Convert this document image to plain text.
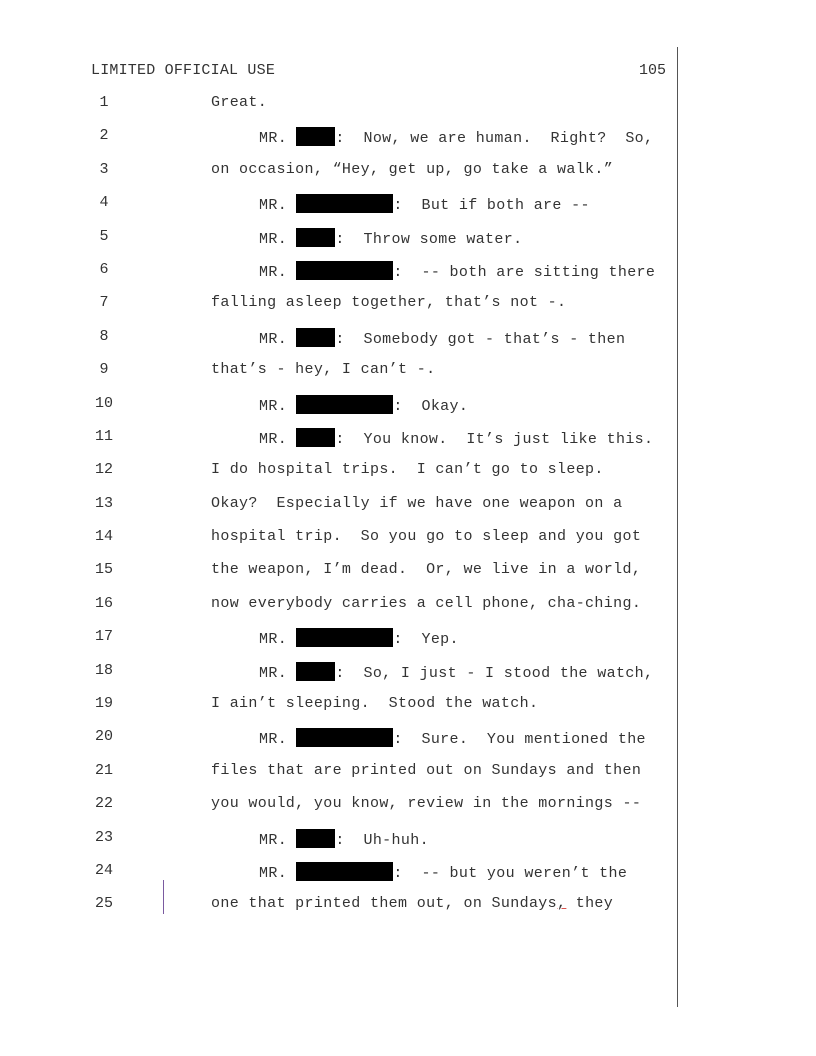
LIMITED OFFICIAL USE	105
1	Great.
2	MR.	:  Now, we are human.  Right?  So,
3	on occasion, “Hey, get up, go take a walk.”
4	MR.	:  But if both are --
5	MR.	:  Throw some water.
6	MR.	:  -- both are sitting there
7	falling asleep together, that’s not -.
8	MR.	:  Somebody got - that’s - then
9	that’s - hey, I can’t -.
10	MR.	:  Okay.
11	MR.	:  You know.  It’s just like this.
12	I do hospital trips.  I can’t go to sleep.
13	Okay?  Especially if we have one weapon on a
14	hospital trip.  So you go to sleep and you got
15	the weapon, I’m dead.  Or, we live in a world,
16	now everybody carries a cell phone, cha-ching.
17	MR.	:  Yep.
18	MR.	:  So, I just - I stood the watch,
19	I ain’t sleeping.  Stood the watch.
20	MR.	:  Sure.  You mentioned the
21	files that are printed out on Sundays and then
22	you would, you know, review in the mornings --
23	MR.	:  Uh-huh.
24	MR.	:  -- but you weren’t the
25	one that printed them out, on Sundays, they
